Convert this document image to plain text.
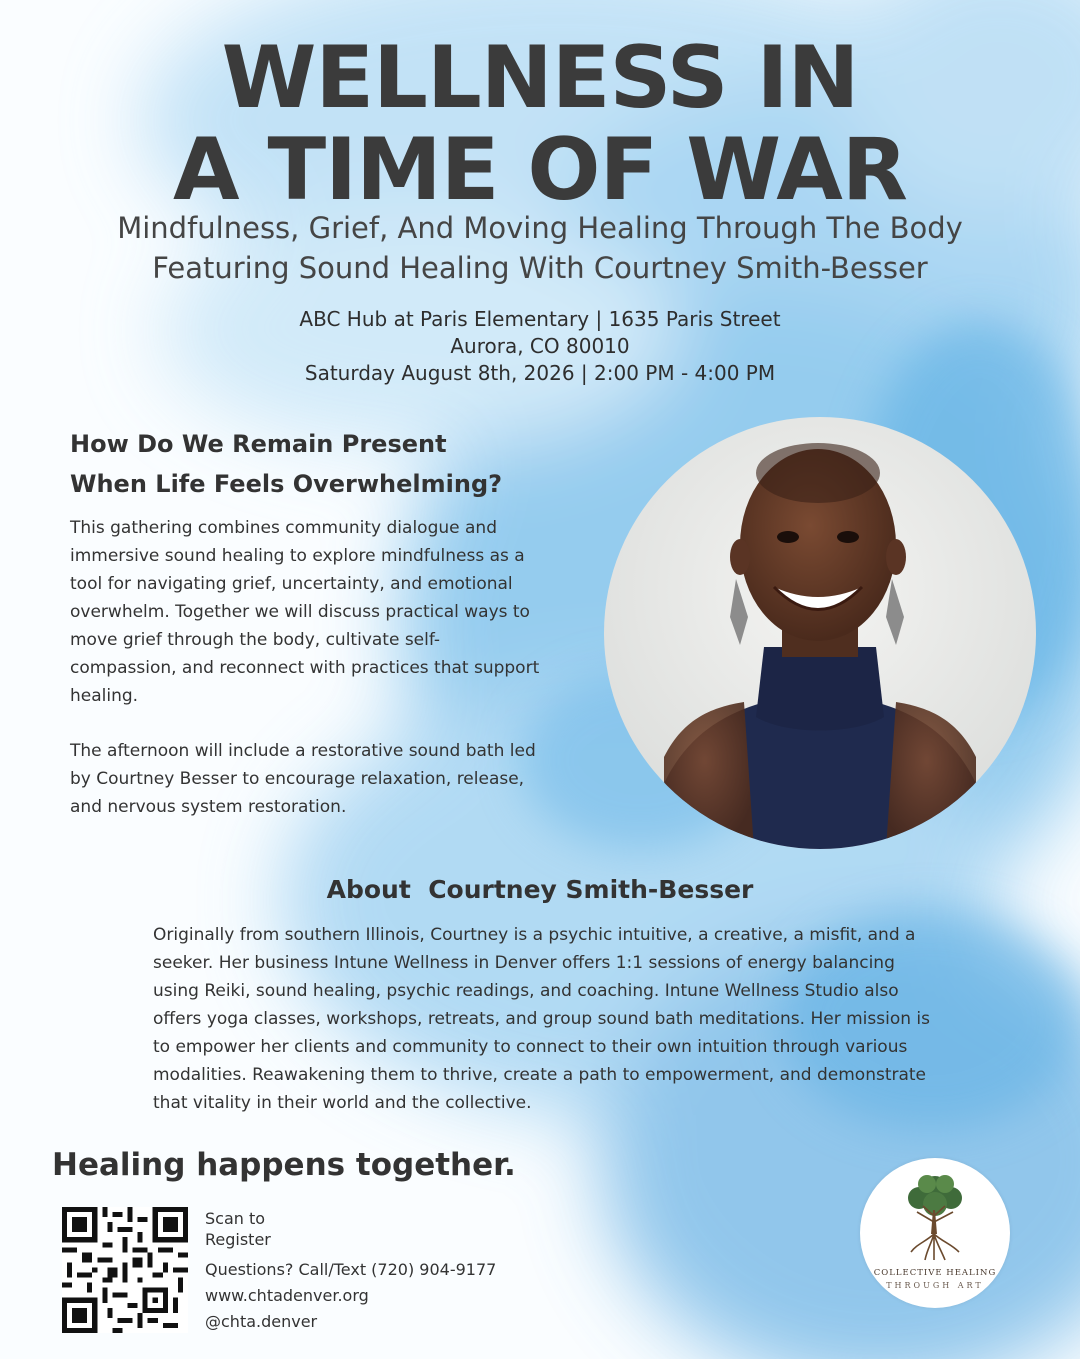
WELLNESS IN
A TIME OF WAR
Mindfulness, Grief, And Moving Healing Through The Body
Featuring Sound Healing With Courtney Smith-Besser
ABC Hub at Paris Elementary | 1635 Paris Street
Aurora, CO 80010
Saturday August 8th, 2026 | 2:00 PM - 4:00 PM
How Do We Remain Present
When Life Feels Overwhelming?
This gathering combines community dialogue and immersive sound healing to explore mindfulness as a tool for navigating grief, uncertainty, and emotional overwhelm. Together we will discuss practical ways to move grief through the body, cultivate self-compassion, and reconnect with practices that support healing.
The afternoon will include a restorative sound bath led by Courtney Besser to encourage relaxation, release, and nervous system restoration.
About  Courtney Smith-Besser
Originally from southern Illinois, Courtney is a psychic intuitive, a creative, a misfit, and a seeker. Her business Intune Wellness in Denver offers 1:1 sessions of energy balancing using Reiki, sound healing, psychic readings, and coaching. Intune Wellness Studio also offers yoga classes, workshops, retreats, and group sound bath meditations. Her mission is to empower her clients and community to connect to their own intuition through various modalities. Reawakening them to thrive, create a path to empowerment, and demonstrate that vitality in their world and the collective.
Healing happens together.
Scan to
Register
Questions? Call/Text (720) 904-9177
www.chtadenver.org
@chta.denver
COLLECTIVE HEALING
THROUGH ART
